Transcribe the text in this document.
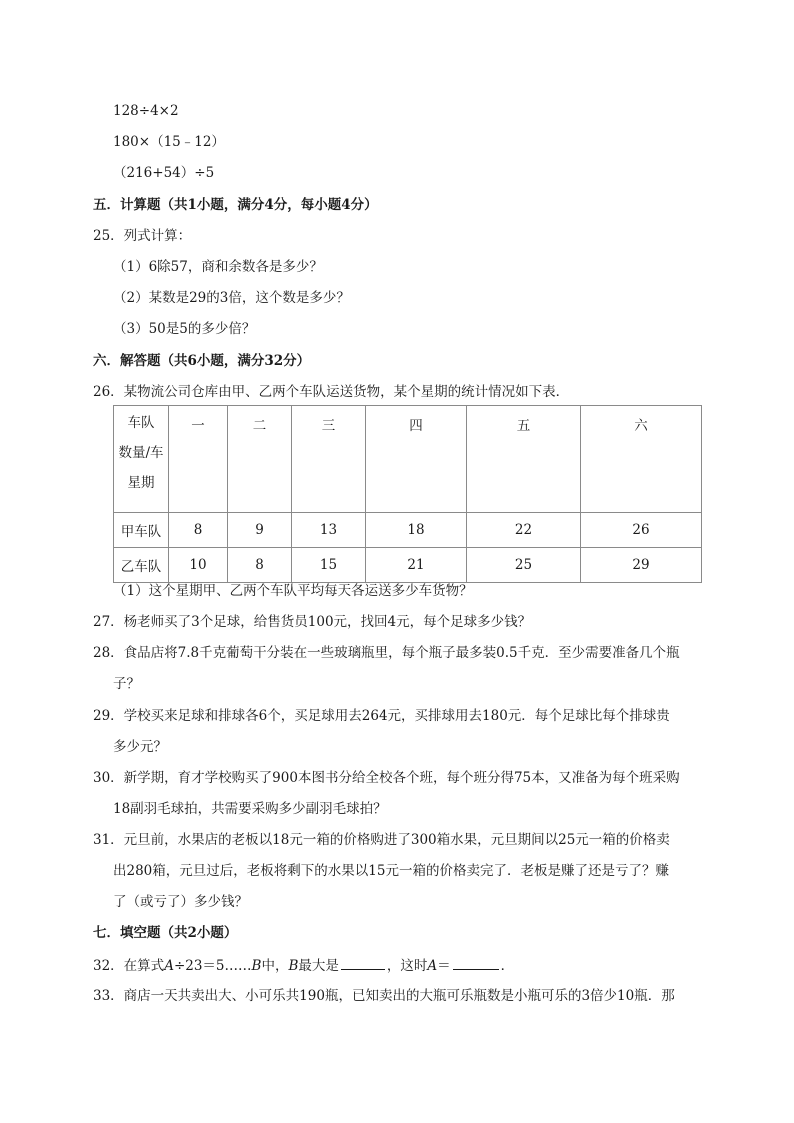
128÷4×2
180×（15﹣12）
（216+54）÷5
五．计算题（共1小题，满分4分，每小题4分）
25．列式计算：
（1）6除57，商和余数各是多少？
（2）某数是29的3倍，这个数是多少？
（3）50是5的多少倍？
六．解答题（共6小题，满分32分）
26．某物流公司仓库由甲、乙两个车队运送货物，某个星期的统计情况如下表．
车队
数量/车
星期	一	二	三	四	五	六
甲车队	8	9	13	18	22	26
乙车队	10	8	15	21	25	29
（1）这个星期甲、乙两个车队平均每天各运送多少车货物？
27．杨老师买了3个足球，给售货员100元，找回4元，每个足球多少钱？
28．食品店将7.8千克葡萄干分装在一些玻璃瓶里，每个瓶子最多装0.5千克．至少需要准备几个瓶
子？
29．学校买来足球和排球各6个，买足球用去264元，买排球用去180元．每个足球比每个排球贵
多少元？
30．新学期，育才学校购买了900本图书分给全校各个班，每个班分得75本，又准备为每个班采购
18副羽毛球拍，共需要采购多少副羽毛球拍？
31．元旦前，水果店的老板以18元一箱的价格购进了300箱水果，元旦期间以25元一箱的价格卖
出280箱，元旦过后，老板将剩下的水果以15元一箱的价格卖完了．老板是赚了还是亏了？赚
了（或亏了）多少钱？
七．填空题（共2小题）
32．在算式A÷23＝5……B中，B最大是	，这时A＝	．
33．商店一天共卖出大、小可乐共190瓶，已知卖出的大瓶可乐瓶数是小瓶可乐的3倍少10瓶．那
